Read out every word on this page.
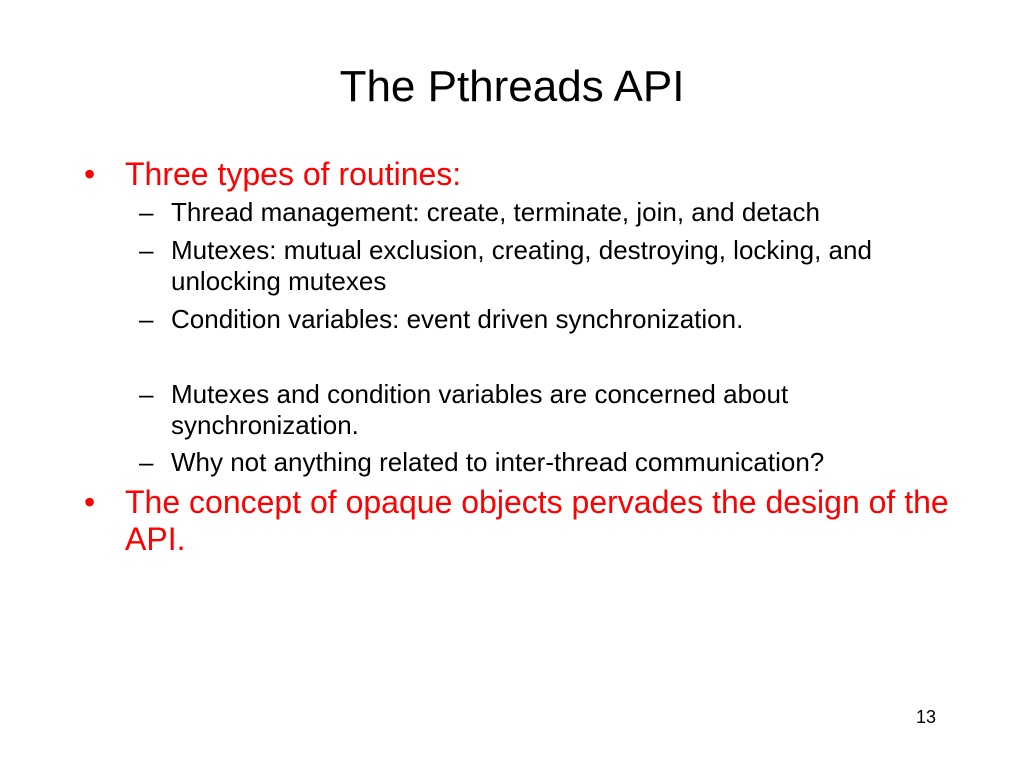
The Pthreads API
• Three types of routines:
– Thread management: create, terminate, join, and detach
– Mutexes: mutual exclusion, creating, destroying, locking, and unlocking mutexes
– Condition variables: event driven synchronization.
– Mutexes and condition variables are concerned about synchronization.
– Why not anything related to inter-thread communication?
• The concept of opaque objects pervades the design of the API.
13
